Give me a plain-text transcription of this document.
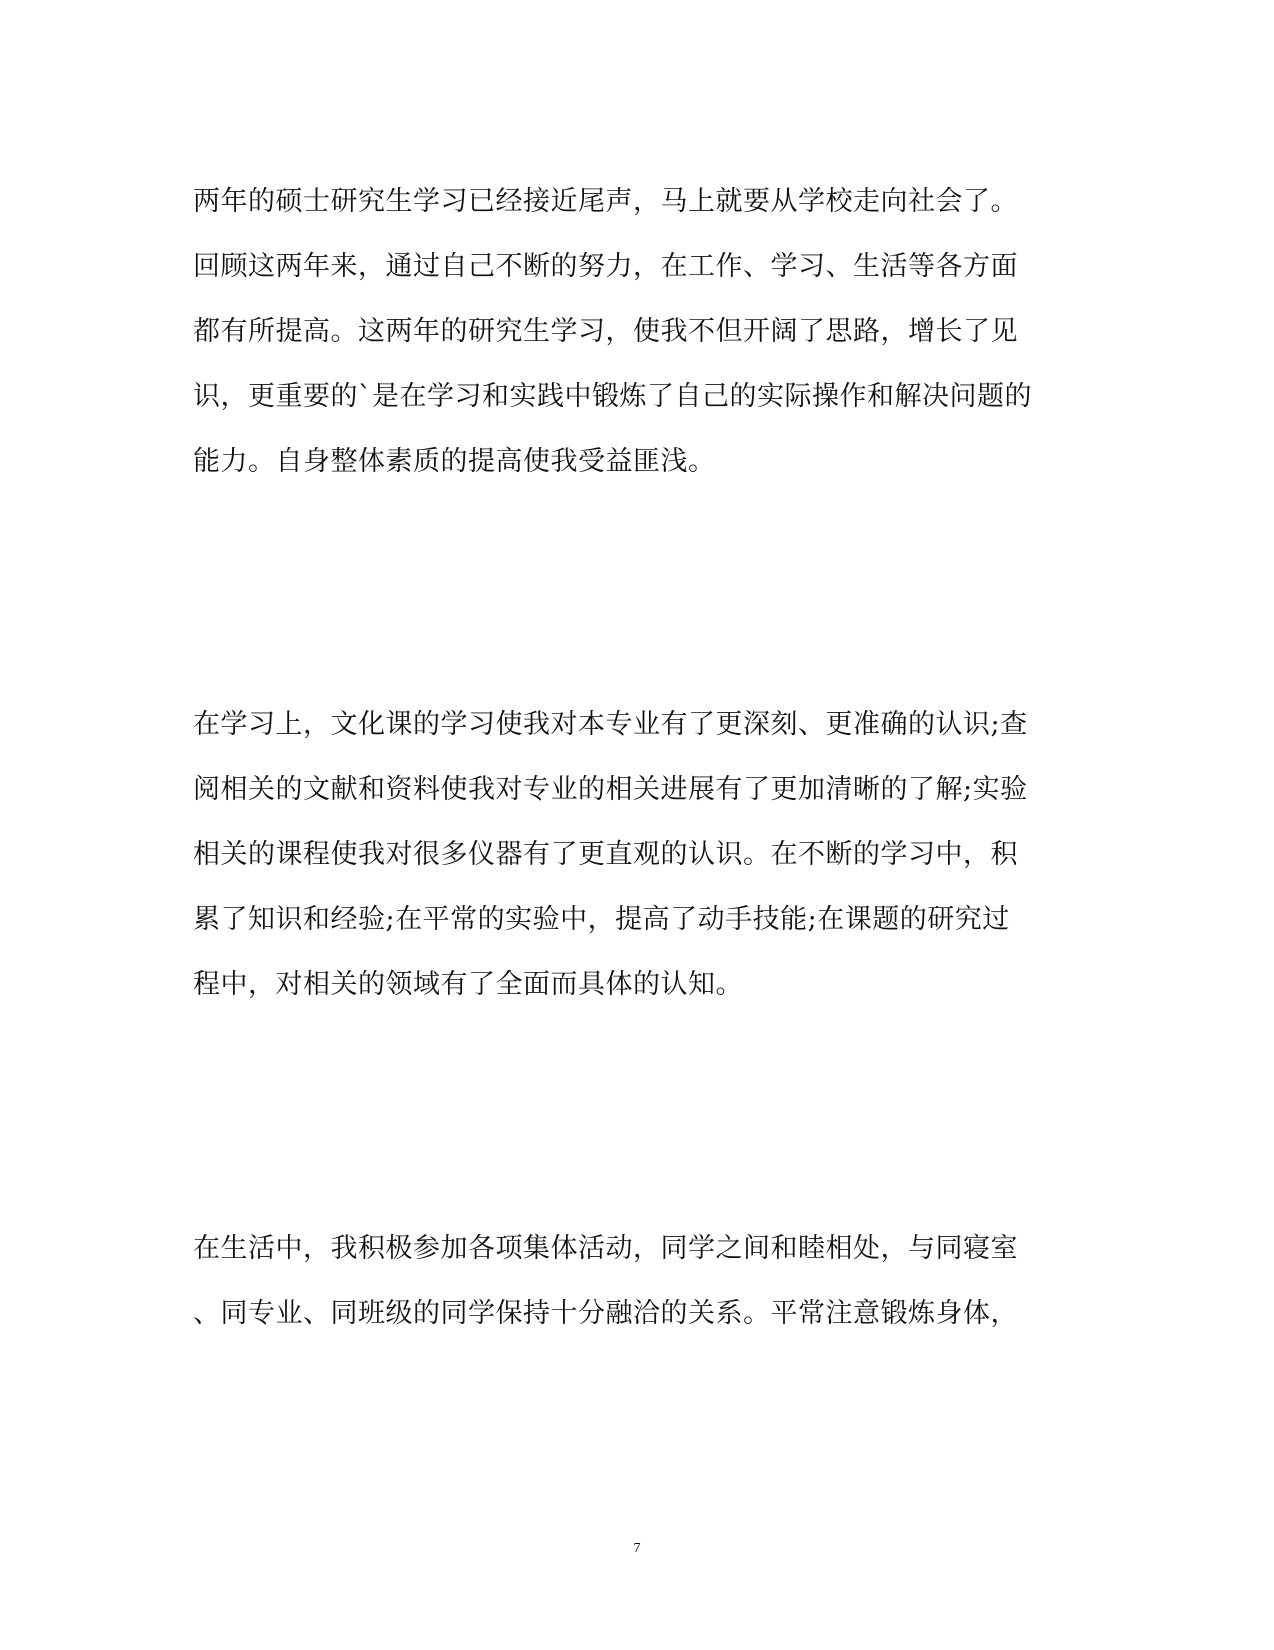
两年的硕士研究生学习已经接近尾声，马上就要从学校走向社会了。
回顾这两年来，通过自己不断的努力，在工作、学习、生活等各方面
都有所提高。这两年的研究生学习，使我不但开阔了思路，增长了见
识，更重要的`是在学习和实践中锻炼了自己的实际操作和解决问题的
能力。自身整体素质的提高使我受益匪浅。
在学习上，文化课的学习使我对本专业有了更深刻、更准确的认识;查
阅相关的文献和资料使我对专业的相关进展有了更加清晰的了解;实验
相关的课程使我对很多仪器有了更直观的认识。在不断的学习中，积
累了知识和经验;在平常的实验中，提高了动手技能;在课题的研究过
程中，对相关的领域有了全面而具体的认知。
在生活中，我积极参加各项集体活动，同学之间和睦相处，与同寝室
、同专业、同班级的同学保持十分融洽的关系。平常注意锻炼身体，
7
